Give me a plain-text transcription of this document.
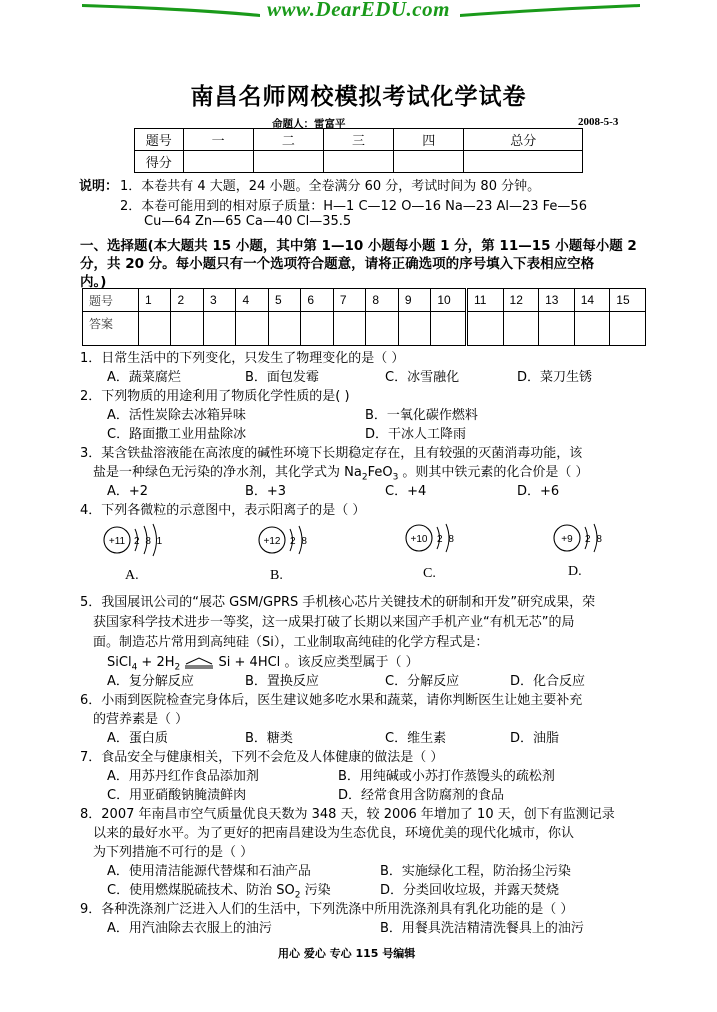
www.DearEDU.com
南昌名师网校模拟考试化学试卷
命题人：雷富平	2008-5-3
题号	一	二	三	四	总分
得分					
说明： 1．本卷共有 4 大题，24 小题。全卷满分 60 分，考试时间为 80 分钟。
2．本卷可能用到的相对原子质量：H—1 C—12 O—16 Na—23 Al—23 Fe—56
Cu—64 Zn—65 Ca—40 Cl—35.5
一、选择题(本大题共 15 小题，其中第 1—10 小题每小题 1 分，第 11—15 小题每小题 2
分，共 20 分。每小题只有一个选项符合题意，请将正确选项的序号填入下表相应空格
内。)
题号	1	2	3	4	5	6	7	8	9	10	11	12	13	14	15
答案															
1．日常生活中的下列变化，只发生了物理变化的是（ ）
A．蔬菜腐烂	B．面包发霉	C．冰雪融化	D．菜刀生锈
2．下列物质的用途利用了物质化学性质的是( )
A．活性炭除去冰箱异味	B．一氧化碳作燃料
C．路面撒工业用盐除冰	D．干冰人工降雨
3．某含铁盐溶液能在高浓度的碱性环境下长期稳定存在，且有较强的灭菌消毒功能，该
盐是一种绿色无污染的净水剂，其化学式为 $Na_2FeO_3$ 。则其中铁元素的化合价是（ ）
A．+2	B．+3	C．+4	D．+6
4．下列各微粒的示意图中，表示阳离子的是（ ）
+11 2 8 1
A.
+12 2 8
B.
+10 2 8
C.
+9 2 8
D.
5．我国展讯公司的“展芯 GSM/GPRS 手机核心芯片关键技术的研制和开发”研究成果，荣
获国家科学技术进步一等奖，这一成果打破了长期以来国产手机产业“有机无芯”的局
面。制造芯片常用到高纯硅（Si），工业制取高纯硅的化学方程式是：
SiCl$_4$ + $2H_2$	Si + 4HCl 。该反应类型属于（ ）
A．复分解反应	B．置换反应	C．分解反应	D．化合反应
6．小雨到医院检查完身体后，医生建议她多吃水果和蔬菜，请你判断医生让她主要补充
的营养素是（ ）
A．蛋白质	B．糖类	C．维生素	D．油脂
7．食品安全与健康相关，下列不会危及人体健康的做法是（ ）
A．用苏丹红作食品添加剂	B．用纯碱或小苏打作蒸馒头的疏松剂
C．用亚硝酸钠腌渍鲜肉	D．经常食用含防腐剂的食品
8．2007 年南昌市空气质量优良天数为 348 天，较 2006 年增加了 10 天，创下有监测记录
以来的最好水平。为了更好的把南昌建设为生态优良，环境优美的现代化城市，你认
为下列措施不可行的是（ ）
A．使用清洁能源代替煤和石油产品	B．实施绿化工程，防治扬尘污染
C．使用燃煤脱硫技术、防治 $SO_2$ 污染	D．分类回收垃圾，并露天焚烧
9．各种洗涤剂广泛进入人们的生活中，下列洗涤中所用洗涤剂具有乳化功能的是（ ）
A．用汽油除去衣服上的油污	B．用餐具洗洁精清洗餐具上的油污
用心 爱心 专心 115 号编辑
